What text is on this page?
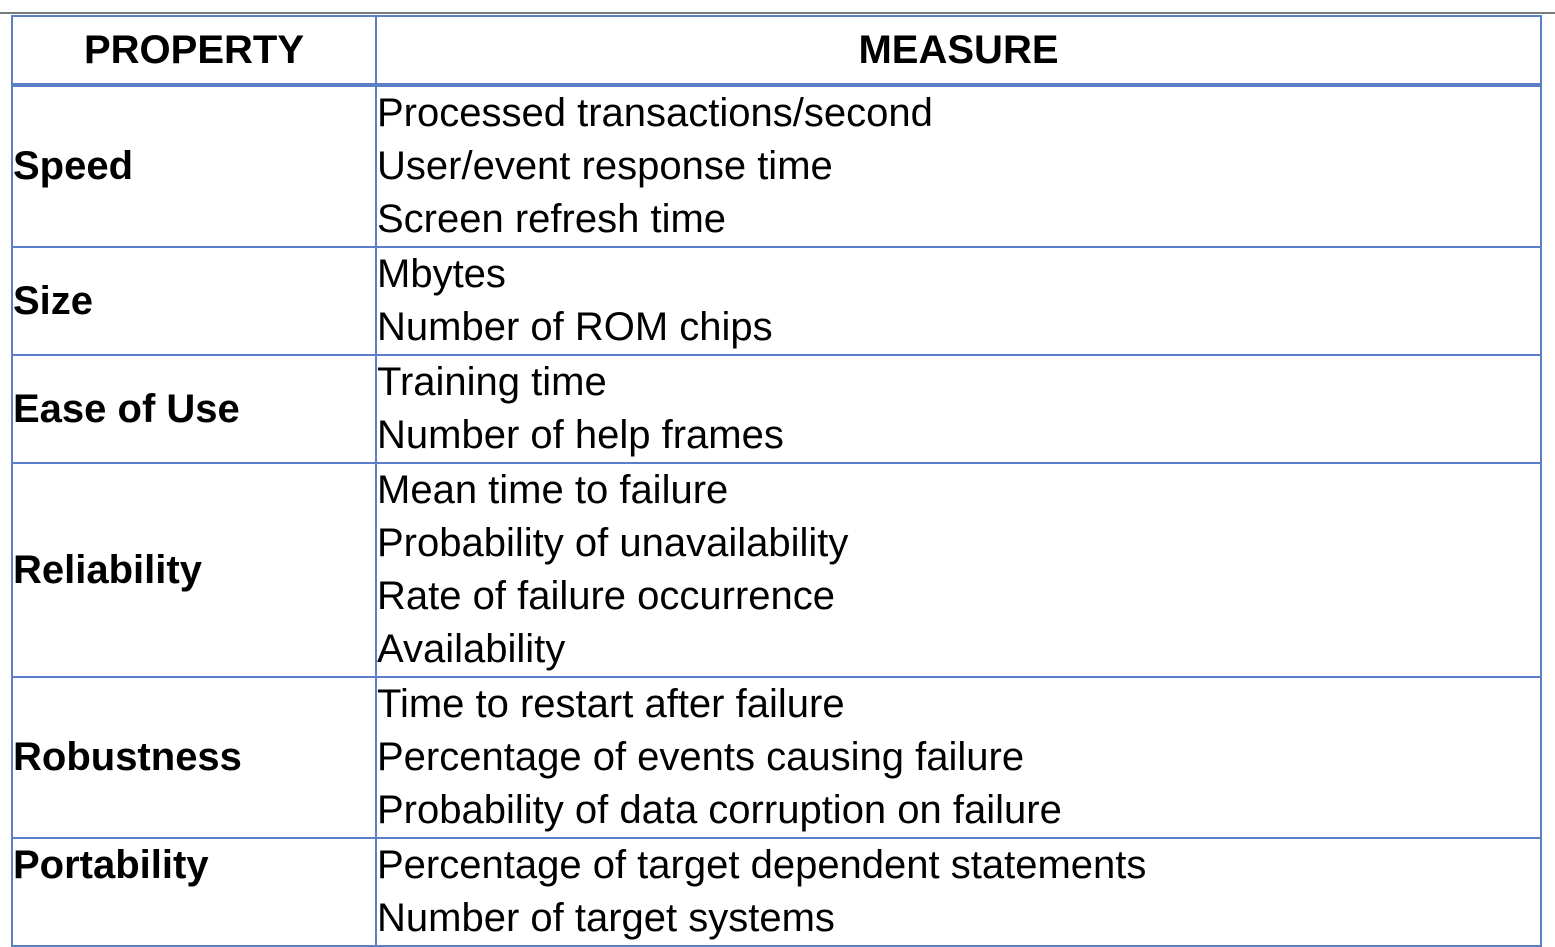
PROPERTY	MEASURE
Speed	Processed transactions/second
User/event response time
Screen refresh time

Size	Mbytes
Number of ROM chips

Ease of Use	Training time
Number of help frames

Reliability	Mean time to failure
Probability of unavailability
Rate of failure occurrence
Availability

Robustness	Time to restart after failure
Percentage of events causing failure
Probability of data corruption on failure

Portability	Percentage of target dependent statements
Number of target systems
